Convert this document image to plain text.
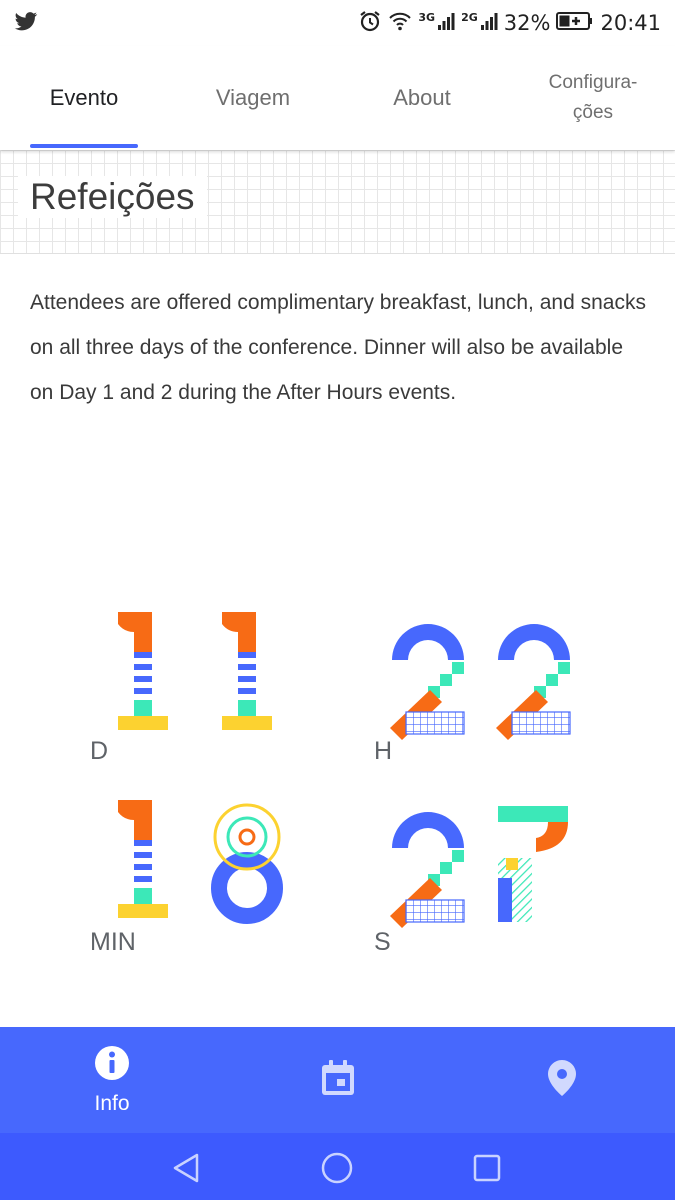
3G 2G 32% 20:41
Evento	Viagem	About
Configura-
ções
Refeições

Attendees are offered complimentary breakfast, lunch, and snacks on all three days of the conference. Dinner will also be available on Day 1 and 2 during the After Hours events.

D	H
MIN	S
Info
